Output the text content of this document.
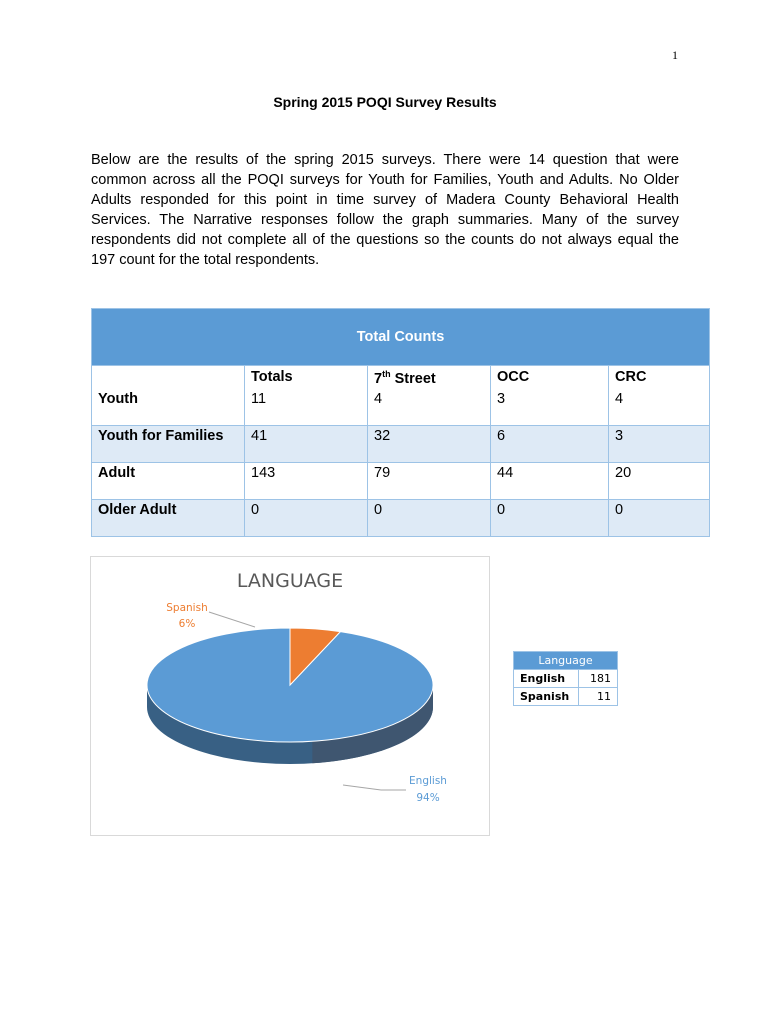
1
Spring 2015 POQI Survey Results

Below are the results of the spring 2015 surveys. There were 14 question that were
common across all the POQI surveys for Youth for Families, Youth and Adults. No Older
Adults responded for this point in time survey of Madera County Behavioral Health
Services. The Narrative responses follow the graph summaries. Many of the survey
respondents did not complete all of the questions so the counts do not always equal the
197 count for the total respondents.

Total Counts				
	Totals	7th Street	OCC	CRC
Youth	11	4	3	4
Youth for Families	41	32	6	3
Adult	143	79	44	20
Older Adult	0	0	0	0
LANGUAGE
Spanish
6%
English
94%
Language	
English	181
Spanish	11
